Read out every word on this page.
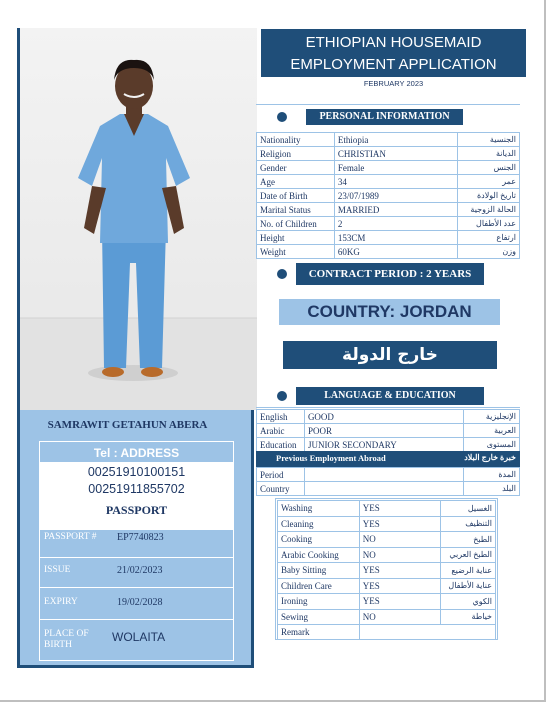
SAMRAWIT GETAHUN ABERA
Tel : ADDRESS
00251910100151
00251911855702
PASSPORT
PASSPORT # EP7740823
ISSUE	21/02/2023
EXPIRY	19/02/2028
PLACE OF
BIRTH
WOLAITA
ETHIOPIAN HOUSEMAID
EMPLOYMENT APPLICATION
FEBRUARY 2023
PERSONAL INFORMATION
Nationality	Ethiopia	الجنسية
Religion	CHRISTIAN	الديانة
Gender	Female	الجنس
Age	34	عمر
Date of Birth	23/07/1989	تاريخ الولادة
Marital Status	MARRIED	الحالة الزوجية
No. of Children	2	عدد الأطفال
Height	153CM	ارتفاع
Weight	60KG	وزن
CONTRACT PERIOD : 2 YEARS
COUNTRY: JORDAN
خارج الدولة
LANGUAGE & EDUCATION
English	GOOD	الإنجليزية
Arabic	POOR	العربية
Education	JUNIOR SECONDARY	المستوى
Previous Employment Abroad	خبرة خارج البلاد
Period		المدة
Country		البلد
Washing	YES	الغسيل
Cleaning	YES	التنظيف
Cooking	NO	الطبخ
Arabic Cooking	NO	الطبخ العربي
Baby Sitting	YES	عناية الرضيع
Children Care	YES	عناية الأطفال
Ironing	YES	الكوي
Sewing	NO	خياطة
Remark		
